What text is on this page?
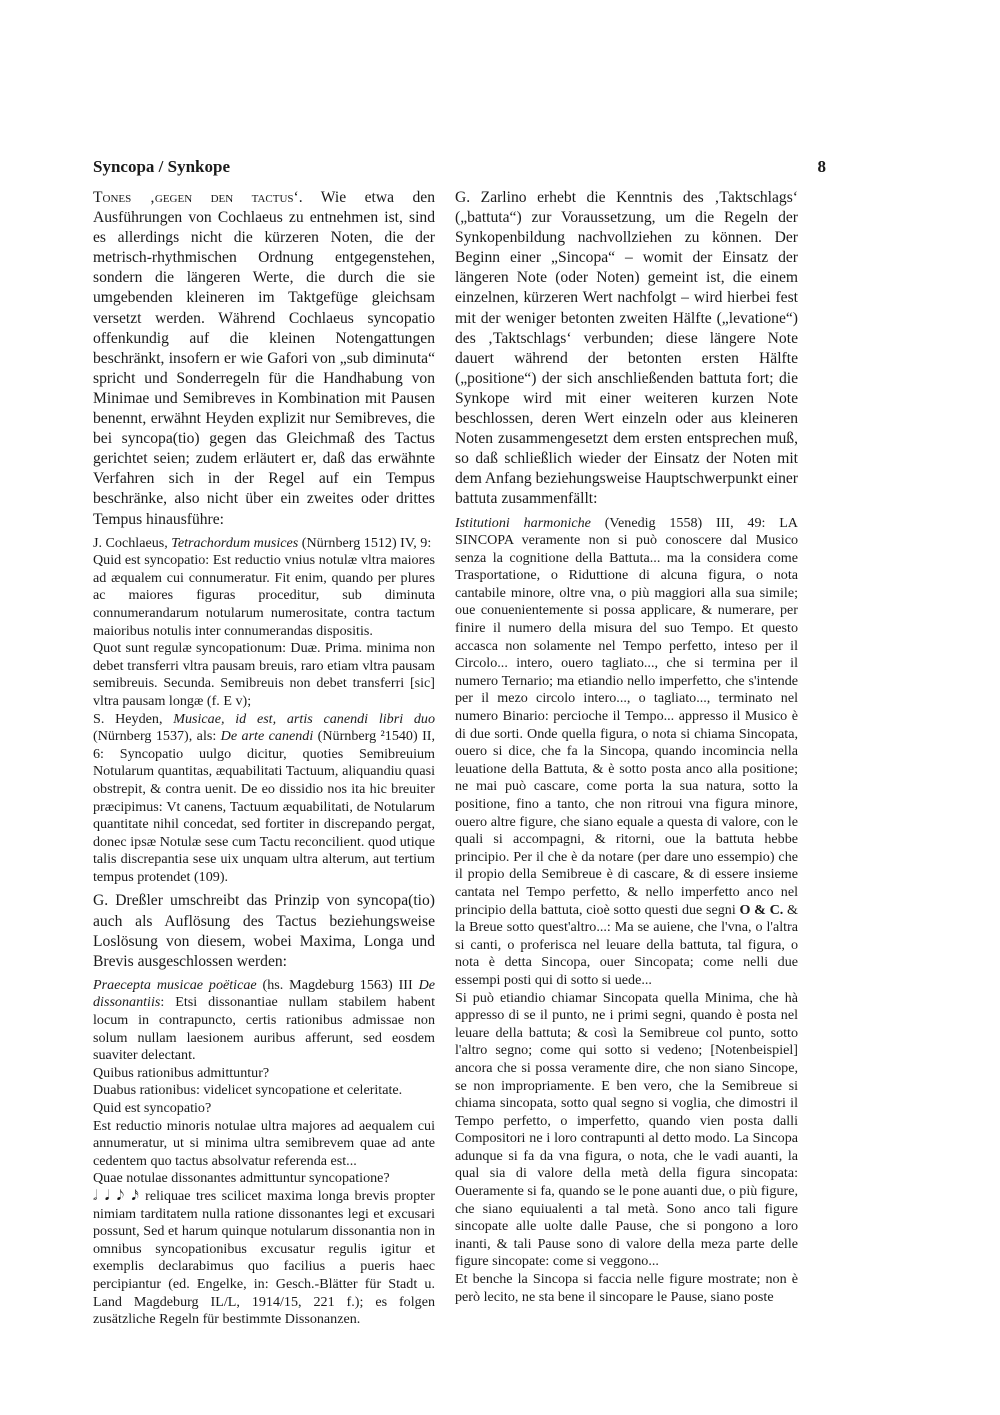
Syncopa / Synkope	8

Tones ‚gegen den tactus‘. Wie etwa den Ausführungen von Cochlaeus zu entnehmen ist, sind es allerdings nicht die kürzeren Noten, die der metrisch-rhythmischen Ordnung entgegenstehen, sondern die längeren Werte, die durch die sie umgebenden kleineren im Taktgefüge gleichsam versetzt werden. Während Cochlaeus syncopatio offenkundig auf die kleinen Notengattungen beschränkt, insofern er wie Gafori von „sub diminuta“ spricht und Sonderregeln für die Handhabung von Minimae und Semibreves in Kombination mit Pausen benennt, erwähnt Heyden explizit nur Semibreves, die bei syncopa(tio) gegen das Gleichmaß des Tactus gerichtet seien; zudem erläutert er, daß das erwähnte Verfahren sich in der Regel auf ein Tempus beschränke, also nicht über ein zweites oder drittes Tempus hinausführe:

J. Cochlaeus, Tetrachordum musices (Nürnberg 1512) IV, 9:

Quid est syncopatio: Est reductio vnius notulæ vltra maiores ad æqualem cui connumeratur. Fit enim, quando per plures ac maiores figuras proceditur, sub diminuta connumerandarum notularum numerositate, contra tactum maioribus notulis inter connumerandas dispositis.

Quot sunt regulæ syncopationum: Duæ. Prima. minima non debet transferri vltra pausam breuis, raro etiam vltra pausam semibreuis. Secunda. Semibreuis non debet transferri [sic] vltra pausam longæ (f. E v);

S. Heyden, Musicae, id est, artis canendi libri duo (Nürnberg 1537), als: De arte canendi (Nürnberg ²1540) II, 6: Syncopatio uulgo dicitur, quoties Semibreuium Notularum quantitas, æquabilitati Tactuum, aliquandiu quasi obstrepit, & contra uenit. De eo dissidio nos ita hic breuiter præcipimus: Vt canens, Tactuum æquabilitati, de Notularum quantitate nihil concedat, sed fortiter in discrepando pergat, donec ipsæ Notulæ sese cum Tactu reconcilient. quod utique talis discrepantia sese uix unquam ultra alterum, aut tertium tempus protendet (109).

G. Dreßler umschreibt das Prinzip von syncopa(tio) auch als Auflösung des Tactus beziehungsweise Loslösung von diesem, wobei Maxima, Longa und Brevis ausgeschlossen werden:

Praecepta musicae poëticae (hs. Magdeburg 1563) III De dissonantiis: Etsi dissonantiae nullam stabilem habent locum in contrapuncto, certis rationibus admissae non solum nullam laesionem auribus afferunt, sed eosdem suaviter delectant.

Quibus rationibus admittuntur?

Duabus rationibus: videlicet syncopatione et celeritate.

Quid est syncopatio?

Est reductio minoris notulae ultra majores ad aequalem cui annumeratur, ut si minima ultra semibrevem quae ad ante cedentem quo tactus absolvatur referenda est...

Quae notulae dissonantes admittuntur syncopatione?

𝅗𝅥 𝅘𝅥 𝅘𝅥𝅮 𝅘𝅥𝅯 reliquae tres scilicet maxima longa brevis propter nimiam tarditatem nulla ratione dissonantes legi et excusari possunt, Sed et harum quinque notularum dissonantia non in omnibus syncopationibus excusatur regulis igitur et exemplis declarabimus quo facilius a pueris haec percipiantur (ed. Engelke, in: Gesch.-Blätter für Stadt u. Land Magdeburg IL/L, 1914/15, 221 f.); es folgen zusätzliche Regeln für bestimmte Dissonanzen.

G. Zarlino erhebt die Kenntnis des ‚Taktschlags‘ („battuta“) zur Voraussetzung, um die Regeln der Synkopenbildung nachvollziehen zu können. Der Beginn einer „Sincopa“ – womit der Einsatz der längeren Note (oder Noten) gemeint ist, die einem einzelnen, kürzeren Wert nachfolgt – wird hierbei fest mit der weniger betonten zweiten Hälfte („levatione“) des ‚Taktschlags‘ verbunden; diese längere Note dauert während der betonten ersten Hälfte („positione“) der sich anschließenden battuta fort; die Synkope wird mit einer weiteren kurzen Note beschlossen, deren Wert einzeln oder aus kleineren Noten zusammengesetzt dem ersten entsprechen muß, so daß schließlich wieder der Einsatz der Noten mit dem Anfang beziehungsweise Hauptschwerpunkt einer battuta zusammenfällt:

Istitutioni harmoniche (Venedig 1558) III, 49: LA SINCOPA veramente non si può conoscere dal Musico senza la cognitione della Battuta... ma la considera come Trasportatione, o Riduttione di alcuna figura, o nota cantabile minore, oltre vna, o più maggiori alla sua simile; oue conuenientemente si possa applicare, & numerare, per finire il numero della misura del suo Tempo. Et questo accasca non solamente nel Tempo perfetto, inteso per il Circolo... intero, ouero tagliato..., che si termina per il numero Ternario; ma etiandio nello imperfetto, che s'intende per il mezo circolo intero..., o tagliato..., terminato nel numero Binario: percioche il Tempo... appresso il Musico è di due sorti. Onde quella figura, o nota si chiama Sincopata, ouero si dice, che fa la Sincopa, quando incomincia nella leuatione della Battuta, & è sotto posta anco alla positione; ne mai può cascare, come porta la sua natura, sotto la positione, fino a tanto, che non ritroui vna figura minore, ouero altre figure, che siano equale a questa di valore, con le quali si accompagni, & ritorni, oue la battuta hebbe principio. Per il che è da notare (per dare uno essempio) che il propio della Semibreue è di cascare, & di essere insieme cantata nel Tempo perfetto, & nello imperfetto anco nel principio della battuta, cioè sotto questi due segni O & C. & la Breue sotto quest'altro...: Ma se auiene, che l'vna, o l'altra si canti, o proferisca nel leuare della battuta, tal figura, o nota è detta Sincopa, ouer Sincopata; come nelli due essempi posti qui di sotto si uede...

Si può etiandio chiamar Sincopata quella Minima, che hà appresso di se il punto, ne i primi segni, quando è posta nel leuare della battuta; & così la Semibreue col punto, sotto l'altro segno; come qui sotto si vedeno; [Notenbeispiel] ancora che si possa veramente dire, che non siano Sincope, se non impropriamente. E ben vero, che la Semibreue si chiama sincopata, sotto qual segno si voglia, che dimostri il Tempo perfetto, o imperfetto, quando vien posta dalli Compositori ne i loro contrapunti al detto modo. La Sincopa adunque si fa da vna figura, o nota, che le vadi auanti, la qual sia di valore della metà della figura sincopata: Oueramente si fa, quando se le pone auanti due, o più figure, che siano equiualenti a tal metà. Sono anco tali figure sincopate alle uolte dalle Pause, che si pongono a loro inanti, & tali Pause sono di valore della meza parte delle figure sincopate: come si veggono...

Et benche la Sincopa si faccia nelle figure mostrate; non è però lecito, ne sta bene il sincopare le Pause, siano poste
